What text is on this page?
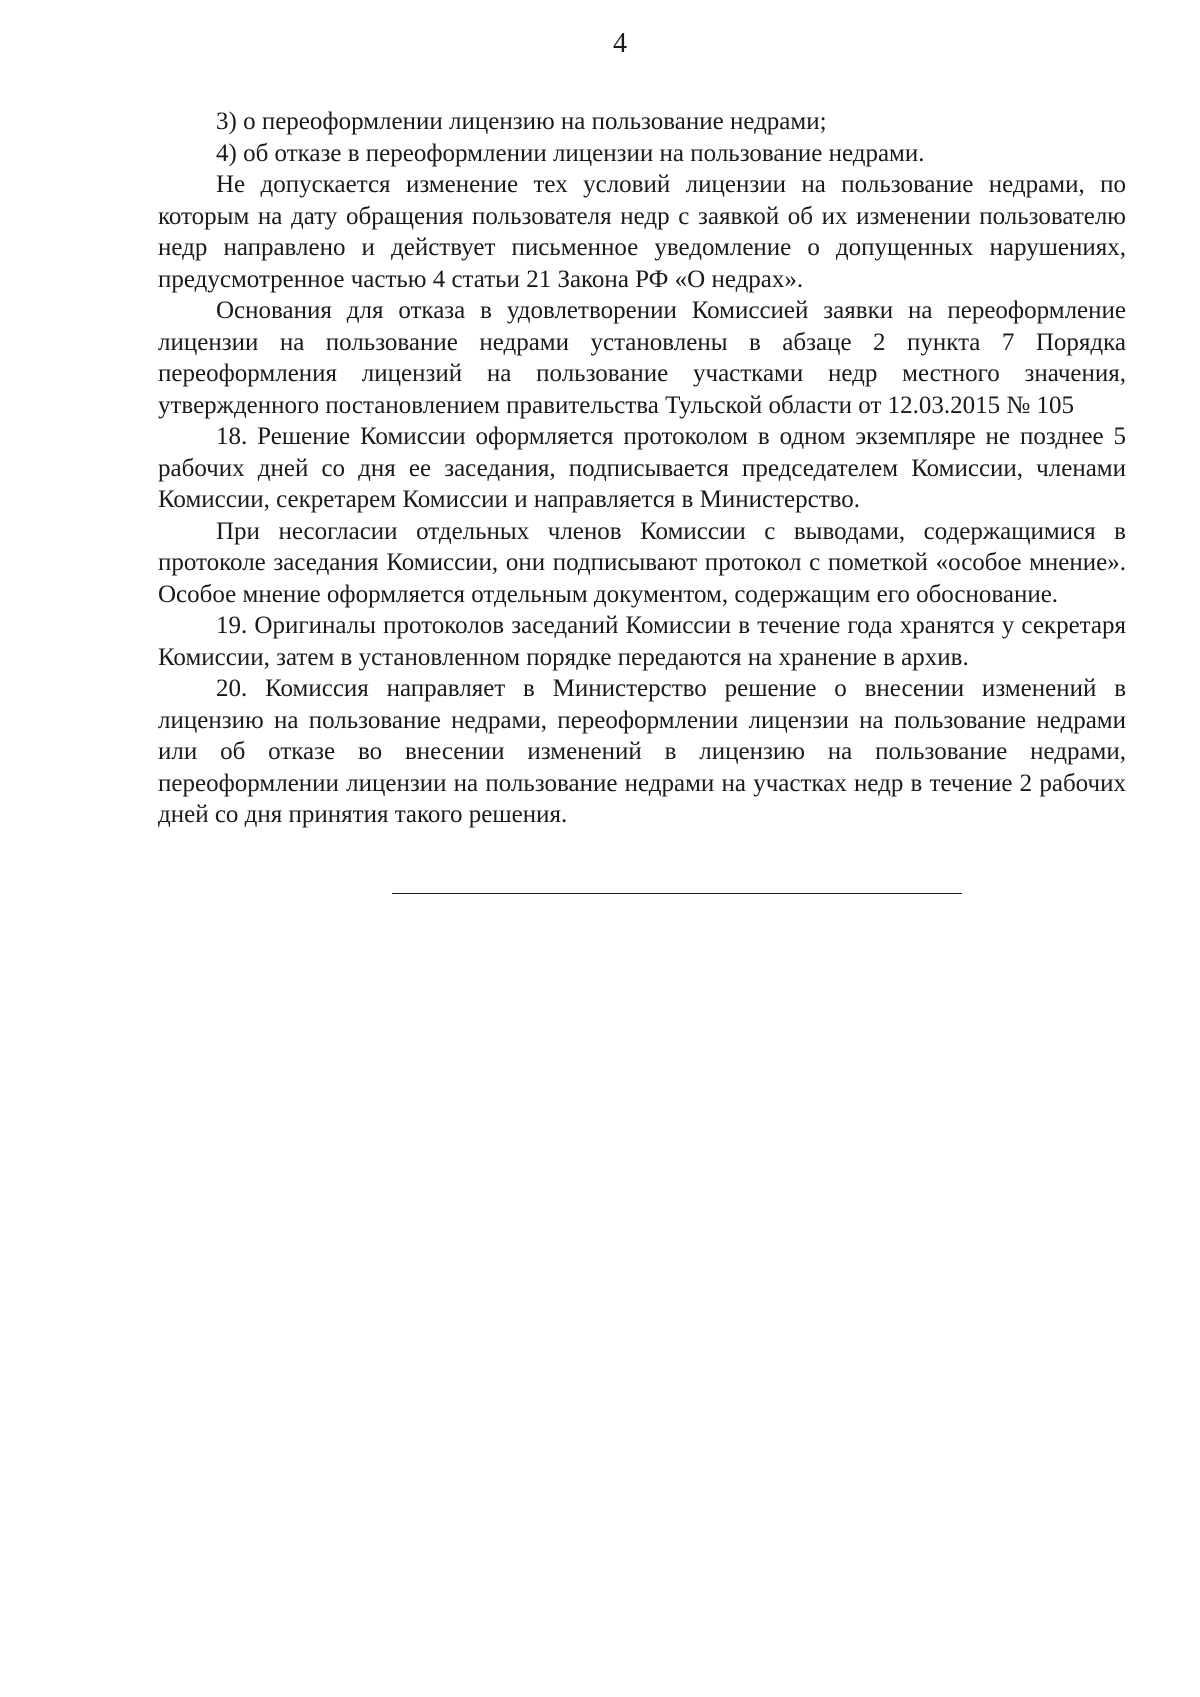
4

3) о переоформлении лицензию на пользование недрами;

4) об отказе в переоформлении лицензии на пользование недрами.

Не допускается изменение тех условий лицензии на пользование недрами, по которым на дату обращения пользователя недр с заявкой об их изменении пользователю недр направлено и действует письменное уведомление о допущенных нарушениях, предусмотренное частью 4 статьи 21 Закона РФ «О недрах».

Основания для отказа в удовлетворении Комиссией заявки на переоформление лицензии на пользование недрами установлены в абзаце 2 пункта 7 Порядка переоформления лицензий на пользование участками недр местного значения, утвержденного постановлением правительства Тульской области от 12.03.2015 № 105

18. Решение Комиссии оформляется протоколом в одном экземпляре не позднее 5 рабочих дней со дня ее заседания, подписывается председателем Комиссии, членами Комиссии, секретарем Комиссии и направляется в Министерство.

При несогласии отдельных членов Комиссии с выводами, содержащимися в протоколе заседания Комиссии, они подписывают протокол с пометкой «особое мнение». Особое мнение оформляется отдельным документом, содержащим его обоснование.

19. Оригиналы протоколов заседаний Комиссии в течение года хранятся у секретаря Комиссии, затем в установленном порядке передаются на хранение в архив.

20. Комиссия направляет в Министерство решение о внесении изменений в лицензию на пользование недрами, переоформлении лицензии на пользование недрами или об отказе во внесении изменений в лицензию на пользование недрами, переоформлении лицензии на пользование недрами на участках недр в течение 2 рабочих дней со дня принятия такого решения.
